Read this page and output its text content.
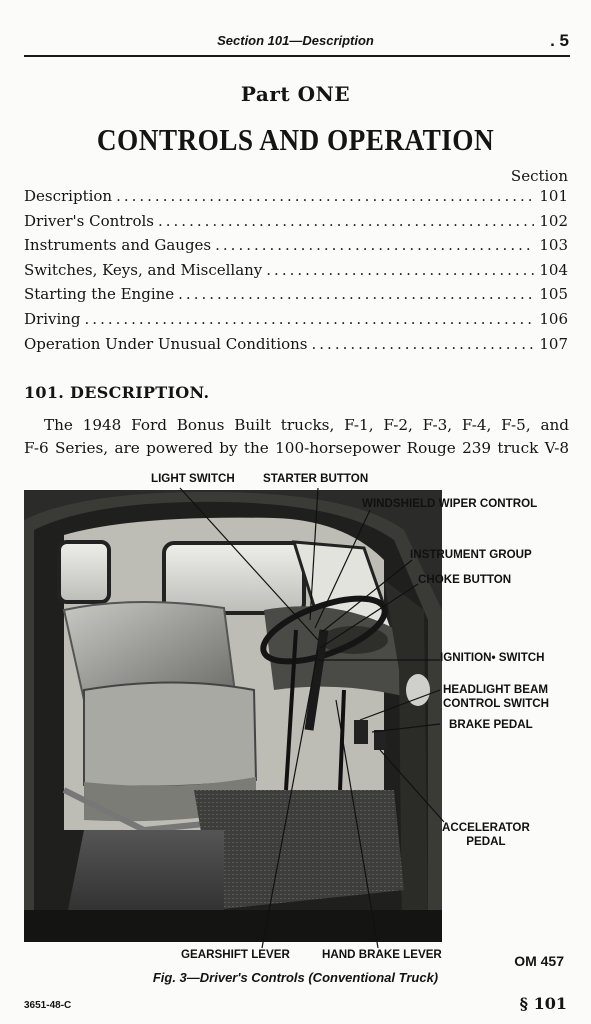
Section 101—Description	. 5
Part ONE
CONTROLS AND OPERATION
Section
Description .....	101
Driver's Controls .....	102
Instruments and Gauges .....	103
Switches, Keys, and Miscellany .....	104
Starting the Engine .....	105
Driving .....	106
Operation Under Unusual Conditions .....	107
101. DESCRIPTION.
The 1948 Ford Bonus Built trucks, F-1, F-2, F-3, F-4, F-5, and
F-6 Series, are powered by the 100-horsepower Rouge 239 truck V-8
LIGHT SWITCH STARTER BUTTON
WINDSHIELD WIPER CONTROL
INSTRUMENT GROUP
CHOKE BUTTON
IGNITION• SWITCH
HEADLIGHT BEAM
CONTROL SWITCH
BRAKE PEDAL
ACCELERATOR
PEDAL
GEARSHIFT LEVER	HAND BRAKE LEVER	OM 457
Fig. 3—Driver's Controls (Conventional Truck)
3651-48-C	§ 101
